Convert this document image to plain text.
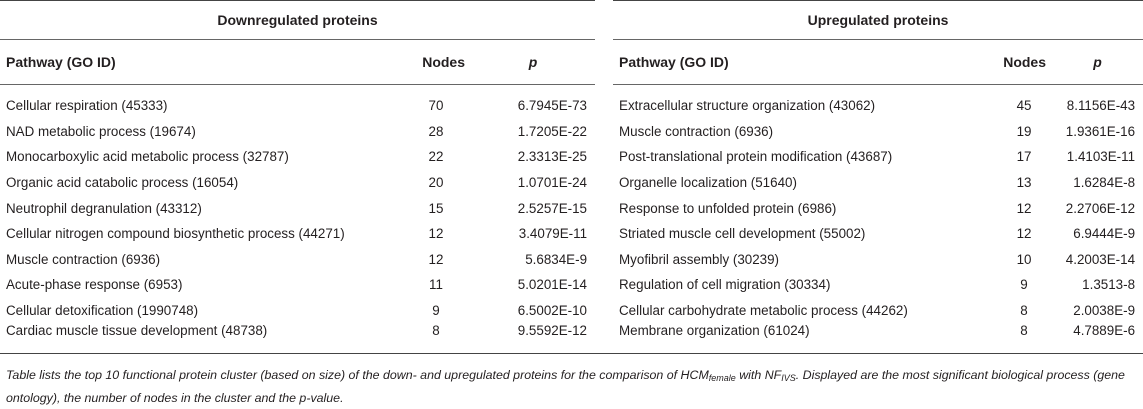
Downregulated proteins				Upregulated proteins		
Pathway (GO ID)	Nodes	p		Pathway (GO ID)	Nodes	p
Cellular respiration (45333)	70	6.7945E-73		Extracellular structure organization (43062)	45	8.1156E-43
NAD metabolic process (19674)	28	1.7205E-22		Muscle contraction (6936)	19	1.9361E-16
Monocarboxylic acid metabolic process (32787)	22	2.3313E-25		Post-translational protein modification (43687)	17	1.4103E-11
Organic acid catabolic process (16054)	20	1.0701E-24		Organelle localization (51640)	13	1.6284E-8
Neutrophil degranulation (43312)	15	2.5257E-15		Response to unfolded protein (6986)	12	2.2706E-12
Cellular nitrogen compound biosynthetic process (44271)	12	3.4079E-11		Striated muscle cell development (55002)	12	6.9444E-9
Muscle contraction (6936)	12	5.6834E-9		Myofibril assembly (30239)	10	4.2003E-14
Acute-phase response (6953)	11	5.0201E-14		Regulation of cell migration (30334)	9	1.3513-8
Cellular detoxification (1990748)	9	6.5002E-10		Cellular carbohydrate metabolic process (44262)	8	2.0038E-9
Cardiac muscle tissue development (48738)	8	9.5592E-12		Membrane organization (61024)	8	4.7889E-6
Table lists the top 10 functional protein cluster (based on size) of the down- and upregulated proteins for the comparison of $HCM_{female}$ with $NF_{IVS}$. Displayed are the most significant biological process (gene ontology), the number of nodes in the cluster and the p-value.
